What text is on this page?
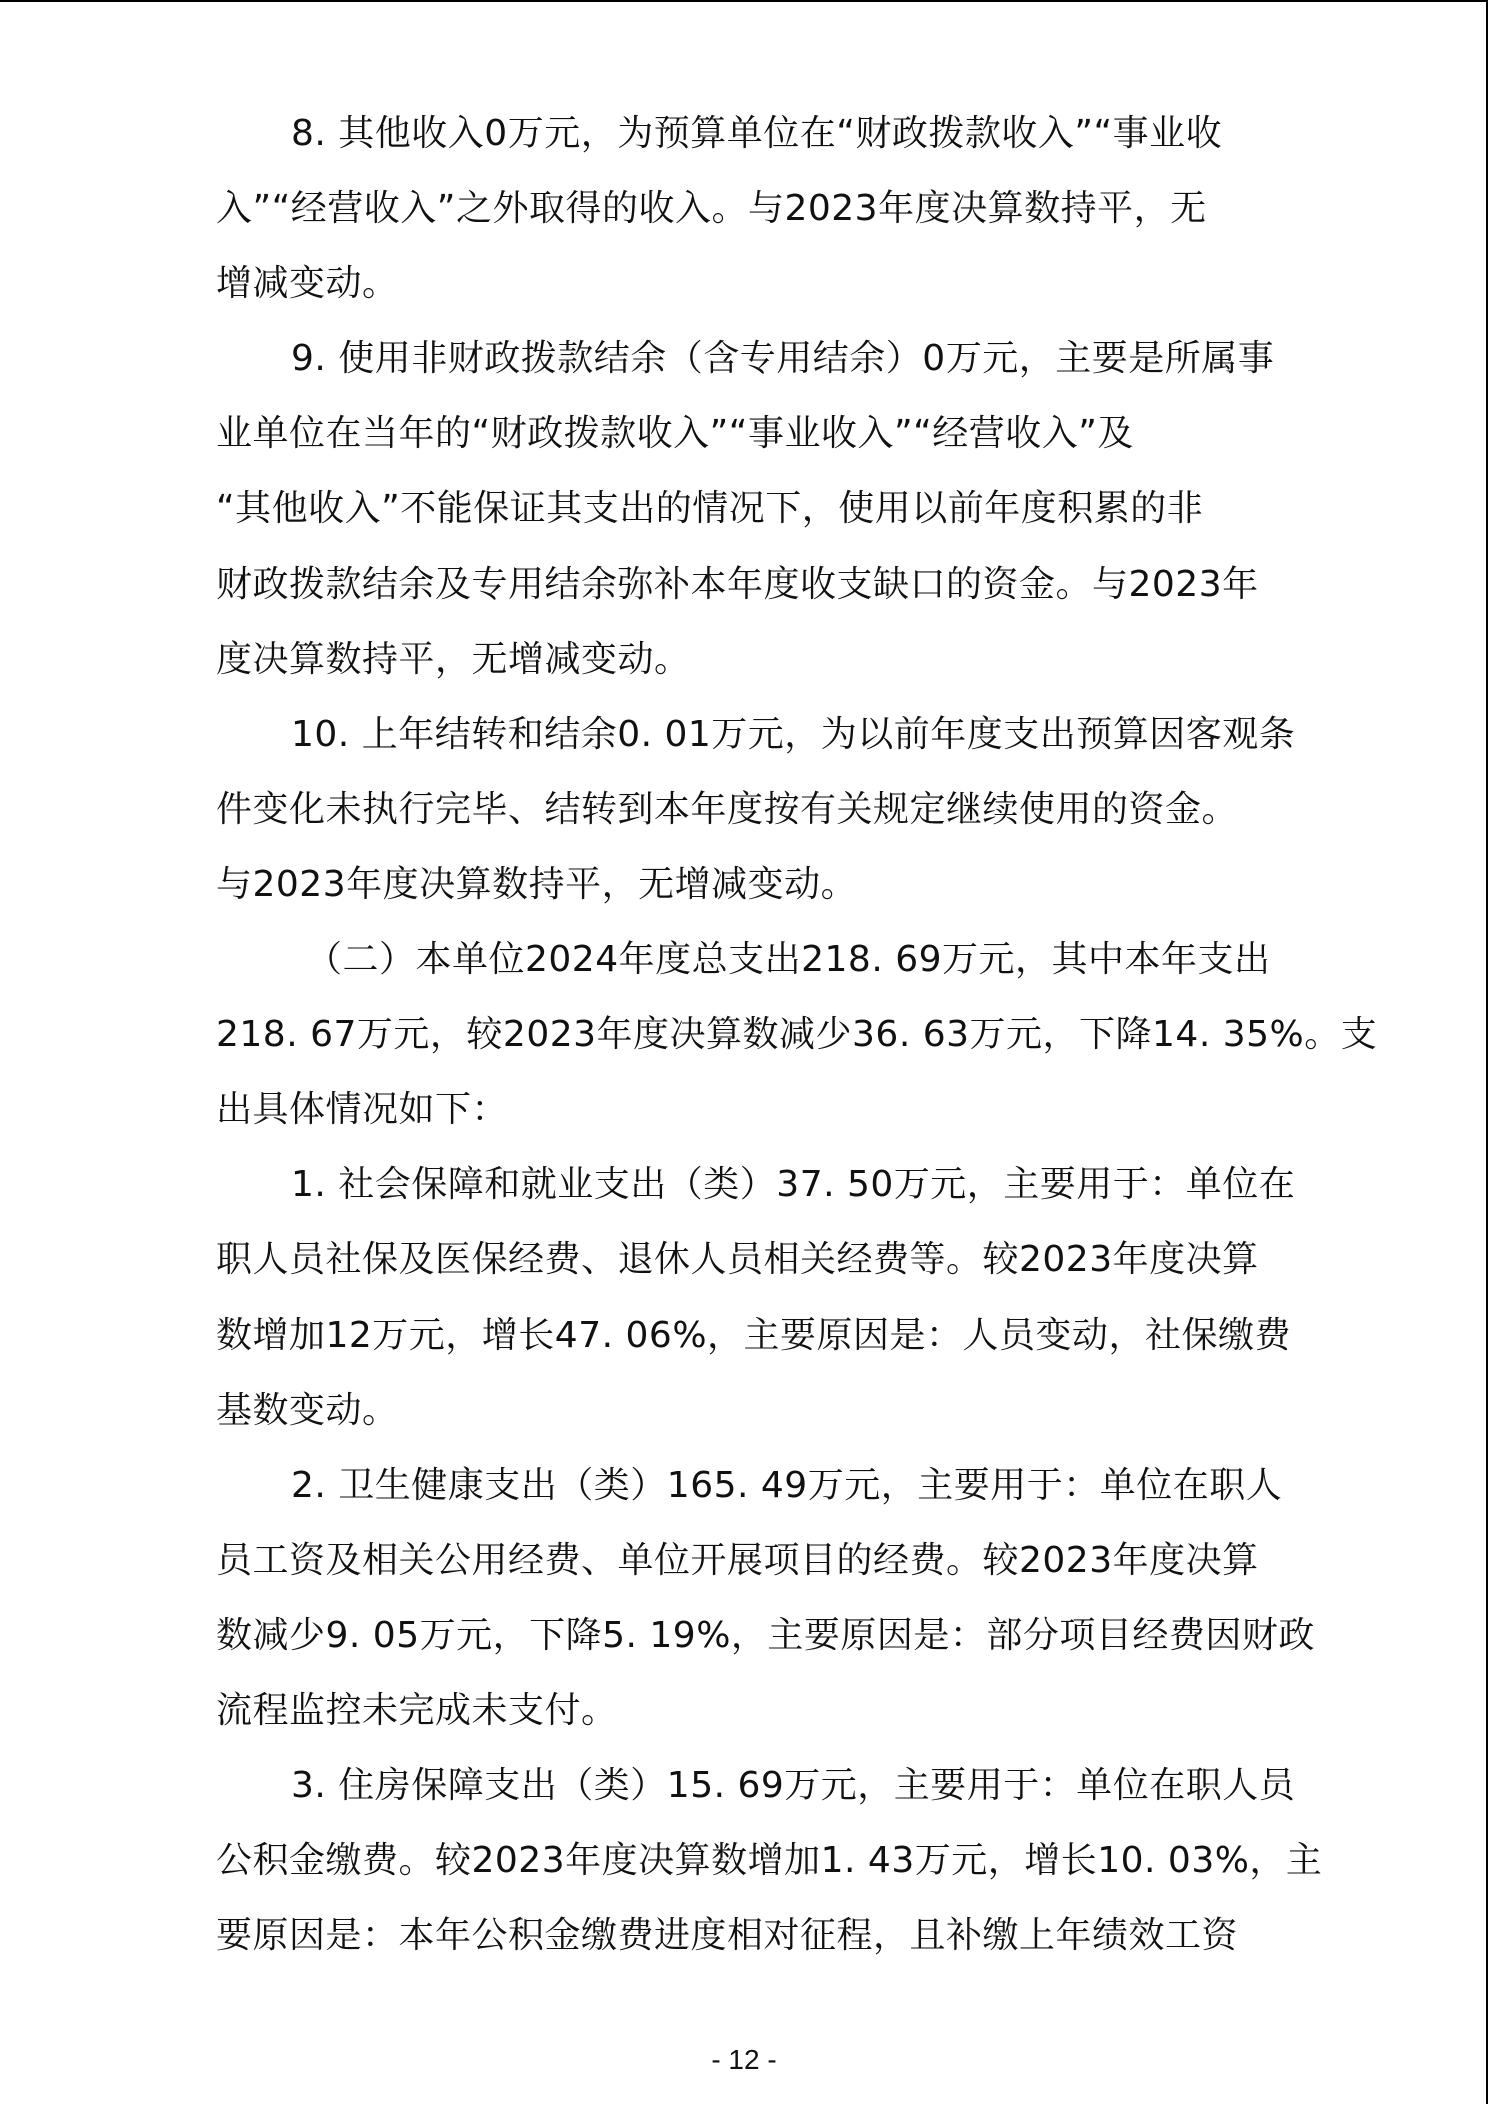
8. 其他收入0万元，为预算单位在“财政拨款收入”“事业收
入”“经营收入”之外取得的收入。与2023年度决算数持平，无
增减变动。

9. 使用非财政拨款结余（含专用结余）0万元，主要是所属事
业单位在当年的“财政拨款收入”“事业收入”“经营收入”及
“其他收入”不能保证其支出的情况下，使用以前年度积累的非
财政拨款结余及专用结余弥补本年度收支缺口的资金。与2023年
度决算数持平，无增减变动。

10. 上年结转和结余0. 01万元，为以前年度支出预算因客观条
件变化未执行完毕、结转到本年度按有关规定继续使用的资金。
与2023年度决算数持平，无增减变动。

（二）本单位2024年度总支出218. 69万元，其中本年支出
218. 67万元，较2023年度决算数减少36. 63万元，下降14. 35%。支
出具体情况如下：

1. 社会保障和就业支出（类）37. 50万元，主要用于：单位在
职人员社保及医保经费、退休人员相关经费等。较2023年度决算
数增加12万元，增长47. 06%，主要原因是：人员变动，社保缴费
基数变动。

2. 卫生健康支出（类）165. 49万元，主要用于：单位在职人
员工资及相关公用经费、单位开展项目的经费。较2023年度决算
数减少9. 05万元，下降5. 19%，主要原因是：部分项目经费因财政
流程监控未完成未支付。

3. 住房保障支出（类）15. 69万元，主要用于：单位在职人员
公积金缴费。较2023年度决算数增加1. 43万元，增长10. 03%，主
要原因是：本年公积金缴费进度相对征程，且补缴上年绩效工资

- 12 -
